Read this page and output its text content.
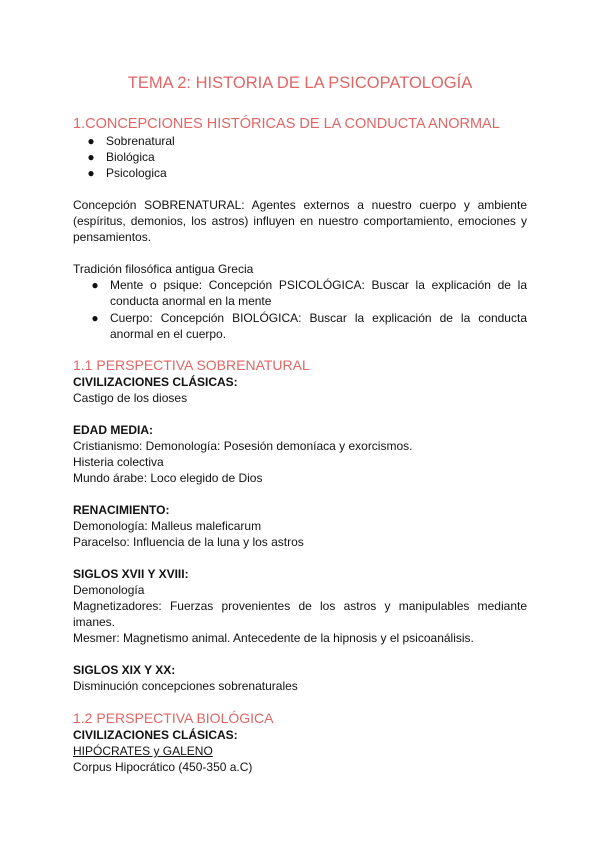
TEMA 2: HISTORIA DE LA PSICOPATOLOGÍA
1.CONCEPCIONES HISTÓRICAS DE LA CONDUCTA ANORMAL
● Sobrenatural
● Biológica
● Psicologica
Concepción SOBRENATURAL: Agentes externos a nuestro cuerpo y ambiente (espíritus, demonios, los astros) influyen en nuestro comportamiento, emociones y pensamientos.
Tradición filosófica antigua Grecia
● Mente o psique: Concepción PSICOLÓGICA: Buscar la explicación de la conducta anormal en la mente
● Cuerpo: Concepción BIOLÓGICA: Buscar la explicación de la conducta anormal en el cuerpo.
1.1 PERSPECTIVA SOBRENATURAL
CIVILIZACIONES CLÁSICAS:
Castigo de los dioses
EDAD MEDIA:
Cristianismo: Demonología: Posesión demoníaca y exorcismos.
Histeria colectiva
Mundo árabe: Loco elegido de Dios
RENACIMIENTO:
Demonología: Malleus maleficarum
Paracelso: Influencia de la luna y los astros
SIGLOS XVII Y XVIII:
Demonología
Magnetizadores: Fuerzas provenientes de los astros y manipulables mediante imanes.
Mesmer: Magnetismo animal. Antecedente de la hipnosis y el psicoanálisis.
SIGLOS XIX Y XX:
Disminución concepciones sobrenaturales
1.2 PERSPECTIVA BIOLÓGICA
CIVILIZACIONES CLÁSICAS:
HIPÓCRATES y GALENO
Corpus Hipocrático (450-350 a.C)
